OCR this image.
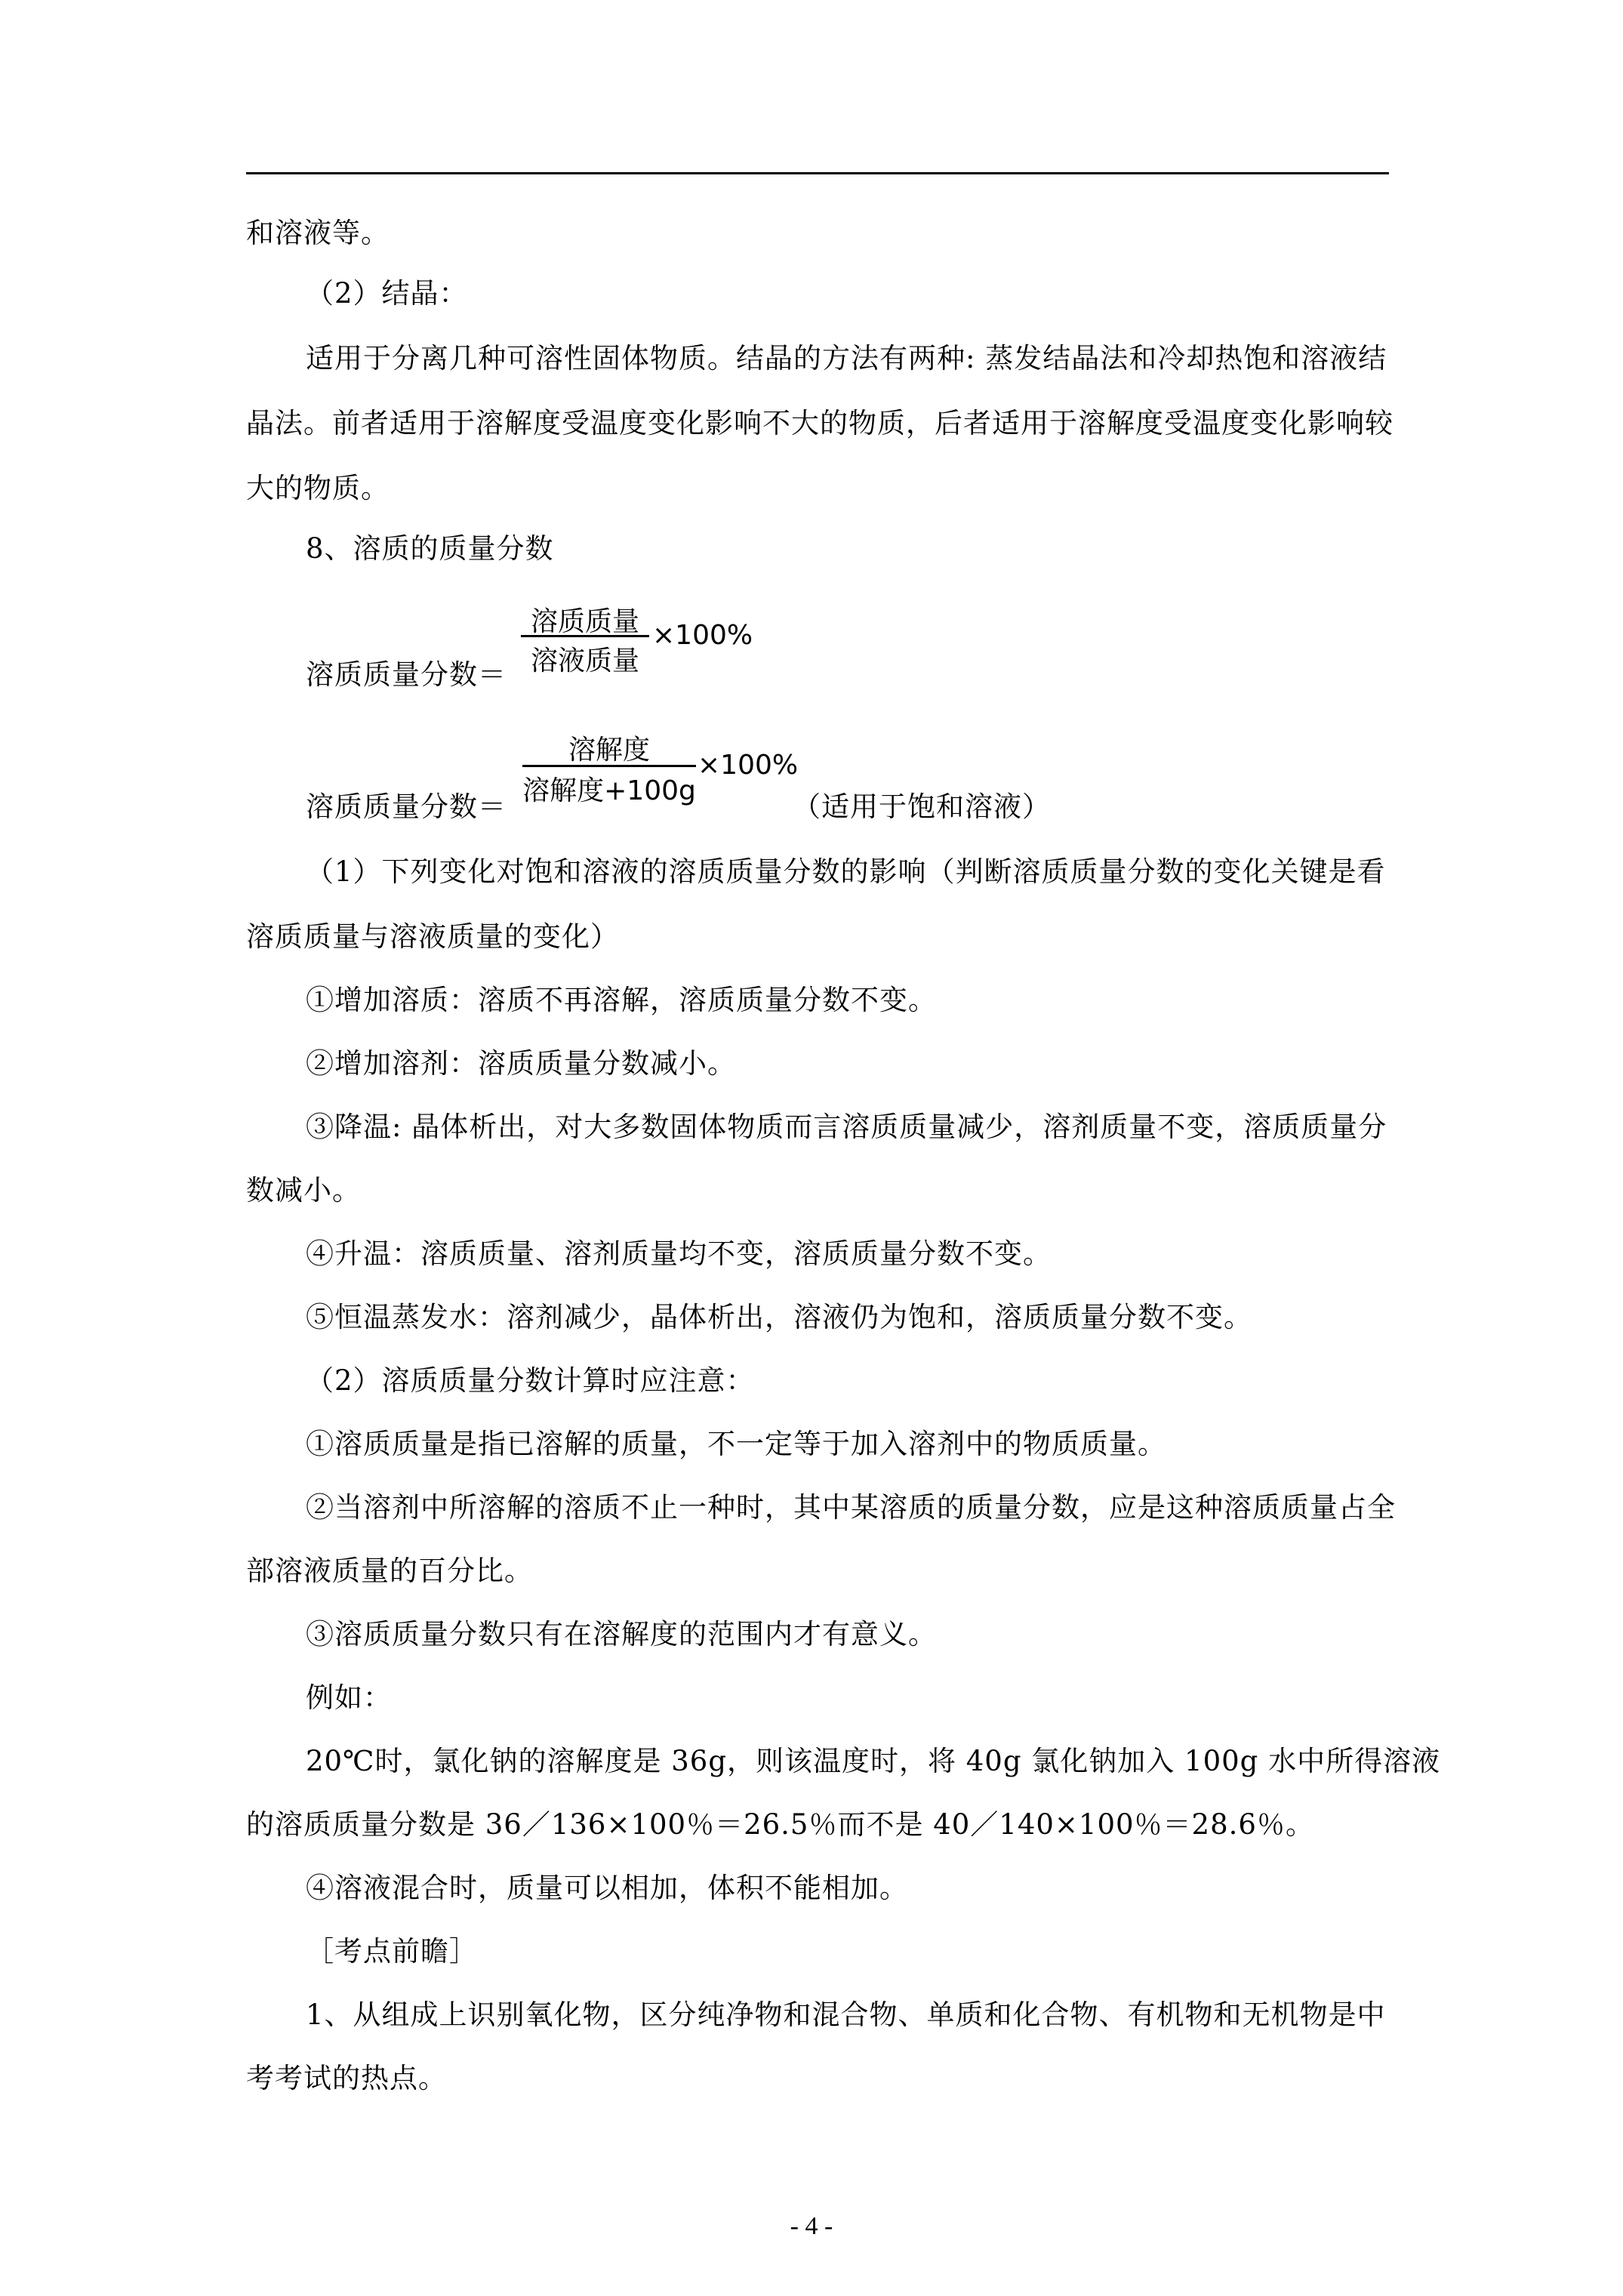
和溶液等。
（2）结晶：
适用于分离几种可溶性固体物质。结晶的方法有两种: 蒸发结晶法和冷却热饱和溶液结
晶法。前者适用于溶解度受温度变化影响不大的物质，后者适用于溶解度受温度变化影响较
大的物质。
8、溶质的质量分数
溶质质量分数＝
溶质质量
溶液质量
×100%
溶质质量分数＝
溶解度
溶解度+100g
×100%
（适用于饱和溶液）
（1）下列变化对饱和溶液的溶质质量分数的影响（判断溶质质量分数的变化关键是看
溶质质量与溶液质量的变化）
①增加溶质：溶质不再溶解，溶质质量分数不变。
②增加溶剂：溶质质量分数减小。
③降温: 晶体析出，对大多数固体物质而言溶质质量减少，溶剂质量不变，溶质质量分
数减小。
④升温：溶质质量、溶剂质量均不变，溶质质量分数不变。
⑤恒温蒸发水：溶剂减少，晶体析出，溶液仍为饱和，溶质质量分数不变。
（2）溶质质量分数计算时应注意：
①溶质质量是指已溶解的质量，不一定等于加入溶剂中的物质质量。
②当溶剂中所溶解的溶质不止一种时，其中某溶质的质量分数，应是这种溶质质量占全
部溶液质量的百分比。
③溶质质量分数只有在溶解度的范围内才有意义。
例如：
20℃时，氯化钠的溶解度是 36g，则该温度时，将 40g 氯化钠加入 100g 水中所得溶液
的溶质质量分数是 36／136×100％＝26.5％而不是 40／140×100％＝28.6％。
④溶液混合时，质量可以相加，体积不能相加。
［考点前瞻］
1、从组成上识别氧化物，区分纯净物和混合物、单质和化合物、有机物和无机物是中
考考试的热点。
- 4 -
